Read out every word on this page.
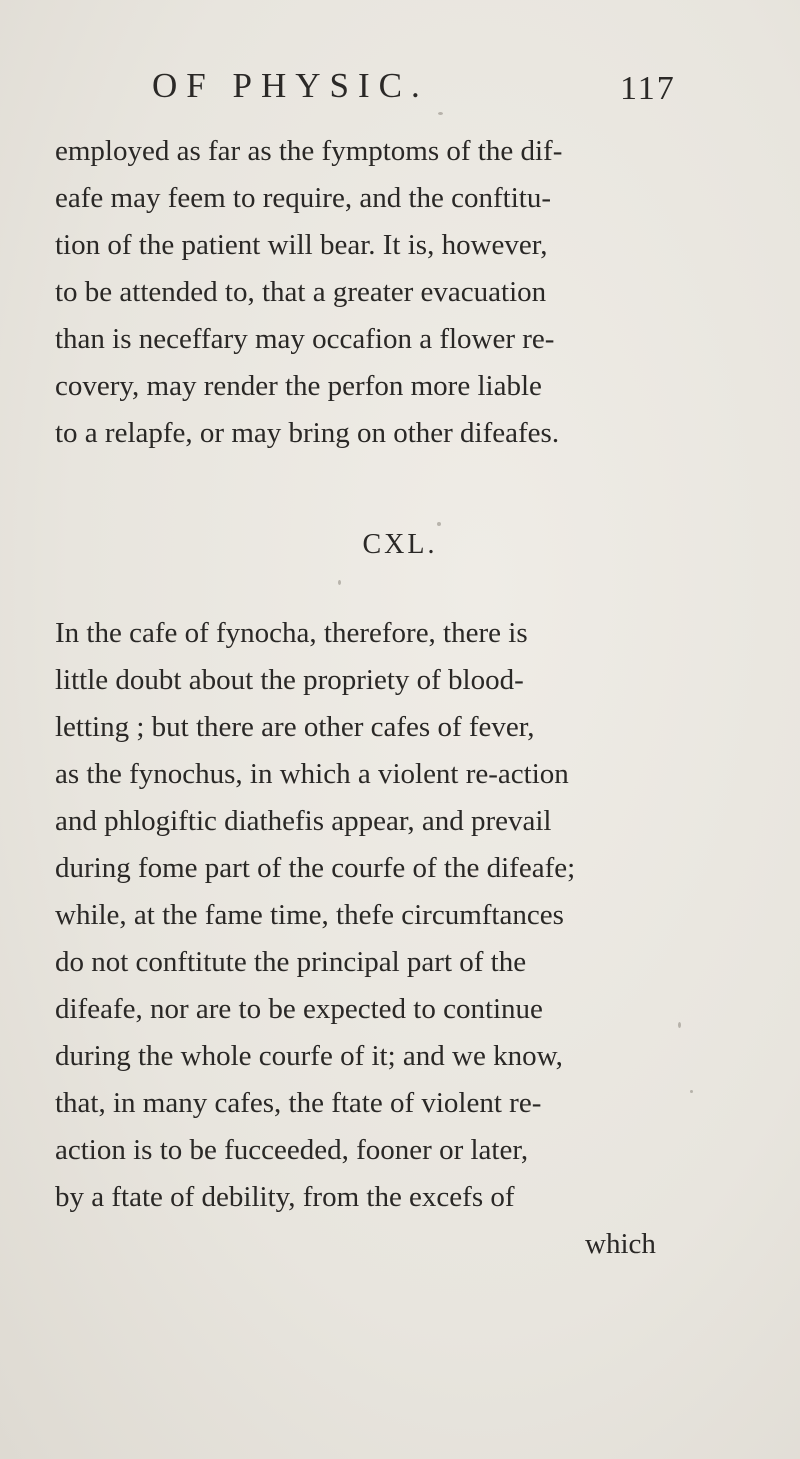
OF PHYSIC.	117
employed as far as the fymptoms of the dif-
eafe may feem to require, and the conftitu-
tion of the patient will bear. It is, however,
to be attended to, that a greater evacuation
than is neceffary may occafion a flower re-
covery, may render the perfon more liable
to a relapfe, or may bring on other difeafes.
CXL.
In the cafe of fynocha, therefore, there is
little doubt about the propriety of blood-
letting ; but there are other cafes of fever,
as the fynochus, in which a violent re-action
and phlogiftic diathefis appear, and prevail
during fome part of the courfe of the difeafe;
while, at the fame time, thefe circumftances
do not conftitute the principal part of the
difeafe, nor are to be expected to continue
during the whole courfe of it; and we know,
that, in many cafes, the ftate of violent re-
action is to be fucceeded, fooner or later,
by a ftate of debility, from the excefs of
which
